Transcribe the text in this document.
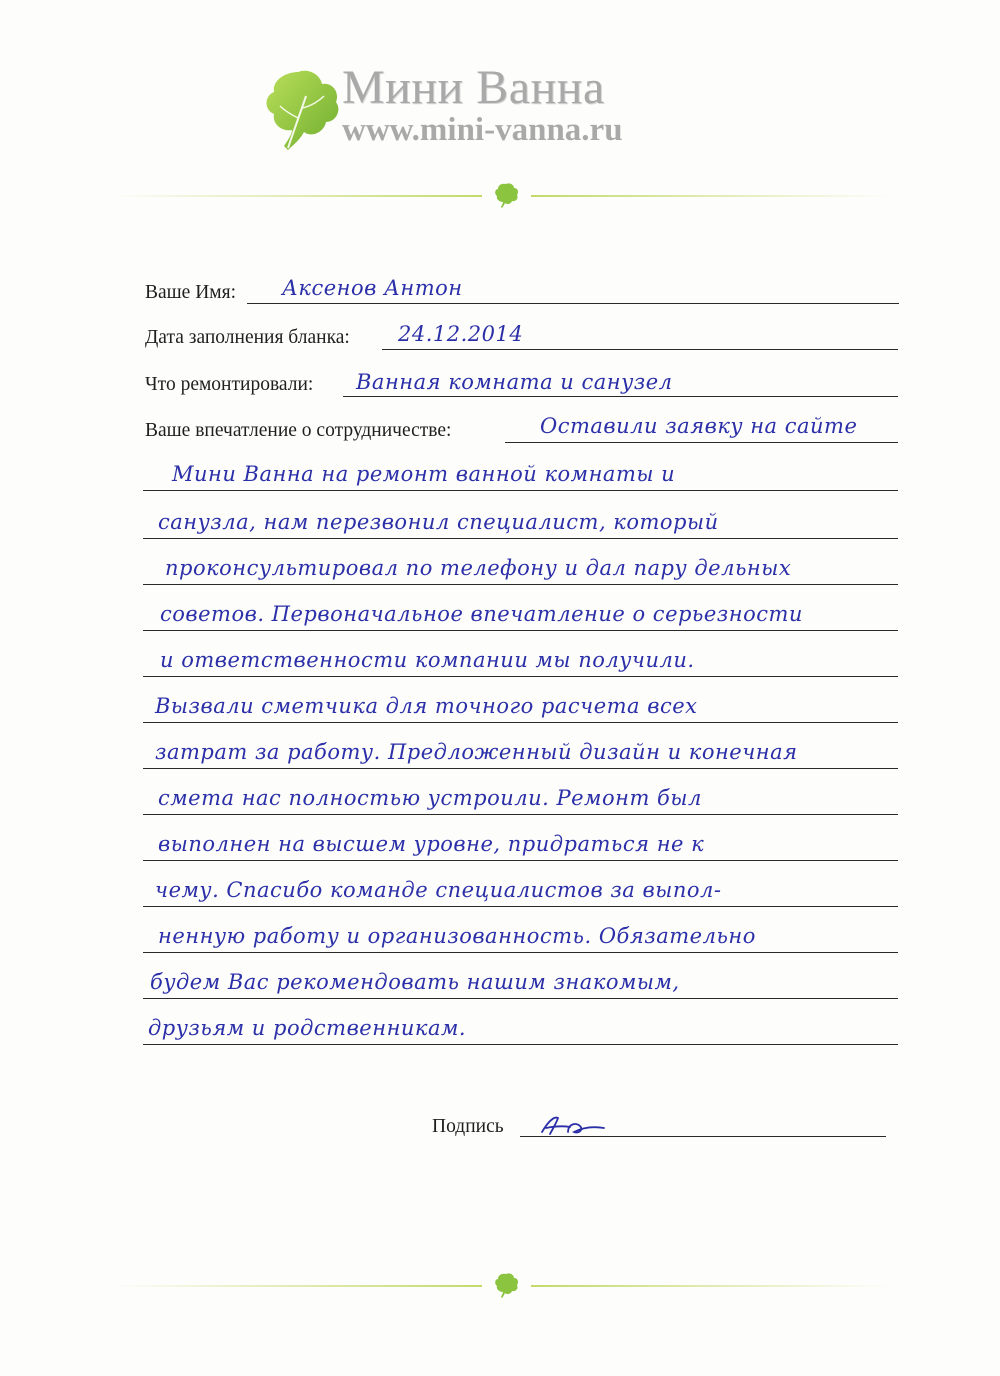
Мини Ванна
www.mini-vanna.ru
Ваше Имя: Аксенов Антон
Дата заполнения бланка: 24.12.2014
Что ремонтировали: Ванная комната и санузел
Ваше впечатление о сотрудничестве:	Оставили заявку на сайте
Мини Ванна на ремонт ванной комнаты и
санузла, нам перезвонил специалист, который
проконсультировал по телефону и дал пару дельных
советов. Первоначальное впечатление о серьезности
и ответственности компании мы получили.
Вызвали сметчика для точного расчета всех
затрат за работу. Предложенный дизайн и конечная
смета нас полностью устроили. Ремонт был
выполнен на высшем уровне, придраться не к
чему. Спасибо команде специалистов за выпол-
ненную работу и организованность. Обязательно
будем Вас рекомендовать нашим знакомым,
друзьям и родственникам.
Подпись
